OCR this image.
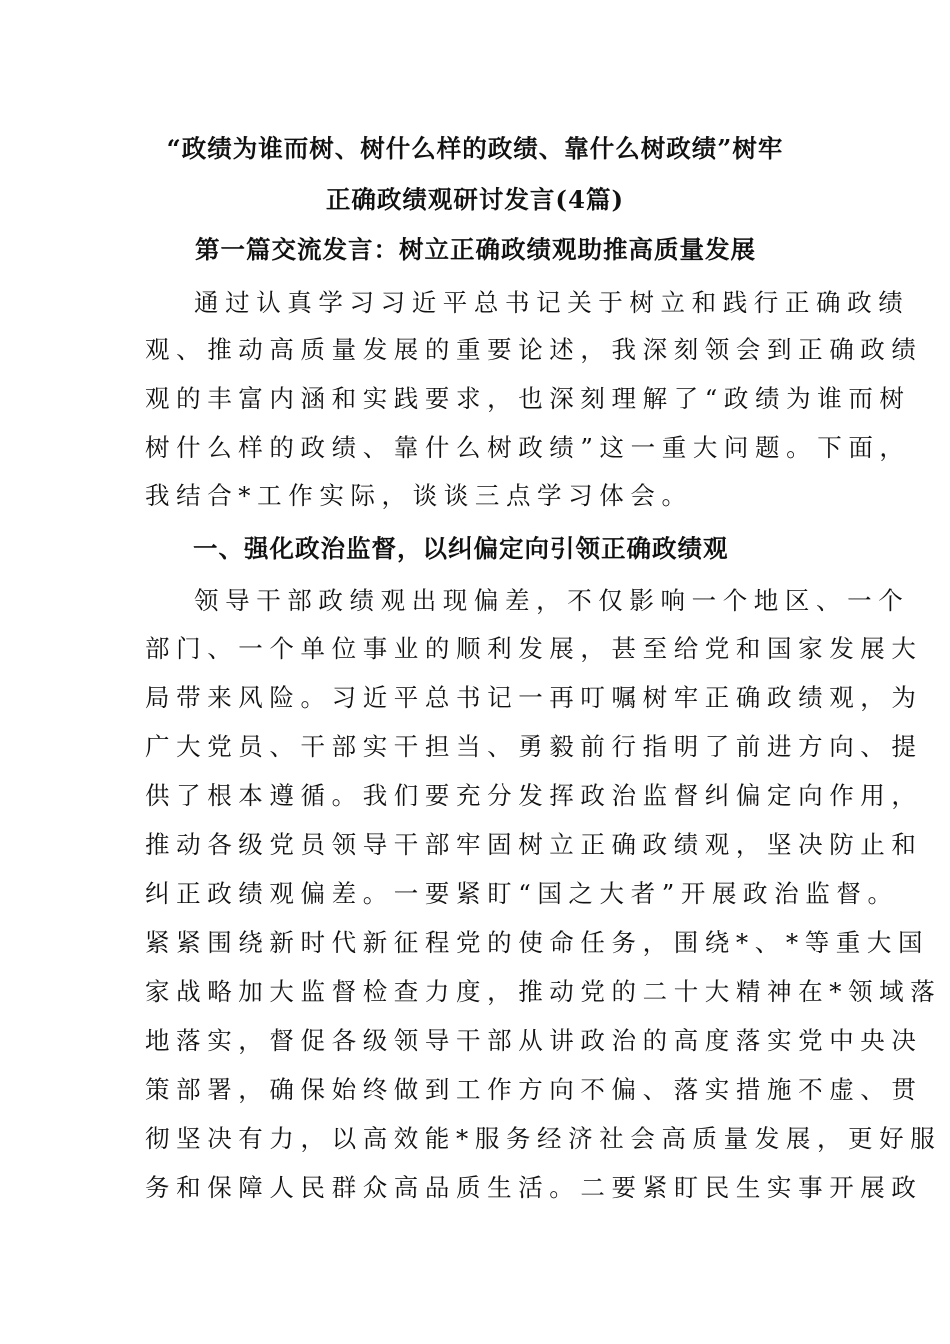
“政绩为谁而树、树什么样的政绩、靠什么树政绩”树牢
正确政绩观研讨发言(4篇)
第一篇交流发言：树立正确政绩观助推高质量发展
通过认真学习习近平总书记关于树立和践行正确政绩
观、推动高质量发展的重要论述，我深刻领会到正确政绩
观的丰富内涵和实践要求，也深刻理解了“政绩为谁而树
树什么样的政绩、靠什么树政绩”这一重大问题。下面，
我结合*工作实际，谈谈三点学习体会。
一、强化政治监督，以纠偏定向引领正确政绩观
领导干部政绩观出现偏差，不仅影响一个地区、一个
部门、一个单位事业的顺利发展，甚至给党和国家发展大
局带来风险。习近平总书记一再叮嘱树牢正确政绩观，为
广大党员、干部实干担当、勇毅前行指明了前进方向、提
供了根本遵循。我们要充分发挥政治监督纠偏定向作用，
推动各级党员领导干部牢固树立正确政绩观，坚决防止和
纠正政绩观偏差。一要紧盯“国之大者”开展政治监督。
紧紧围绕新时代新征程党的使命任务，围绕*、*等重大国
家战略加大监督检查力度，推动党的二十大精神在*领域落
地落实，督促各级领导干部从讲政治的高度落实党中央决
策部署，确保始终做到工作方向不偏、落实措施不虚、贯
彻坚决有力，以高效能*服务经济社会高质量发展，更好服
务和保障人民群众高品质生活。二要紧盯民生实事开展政
